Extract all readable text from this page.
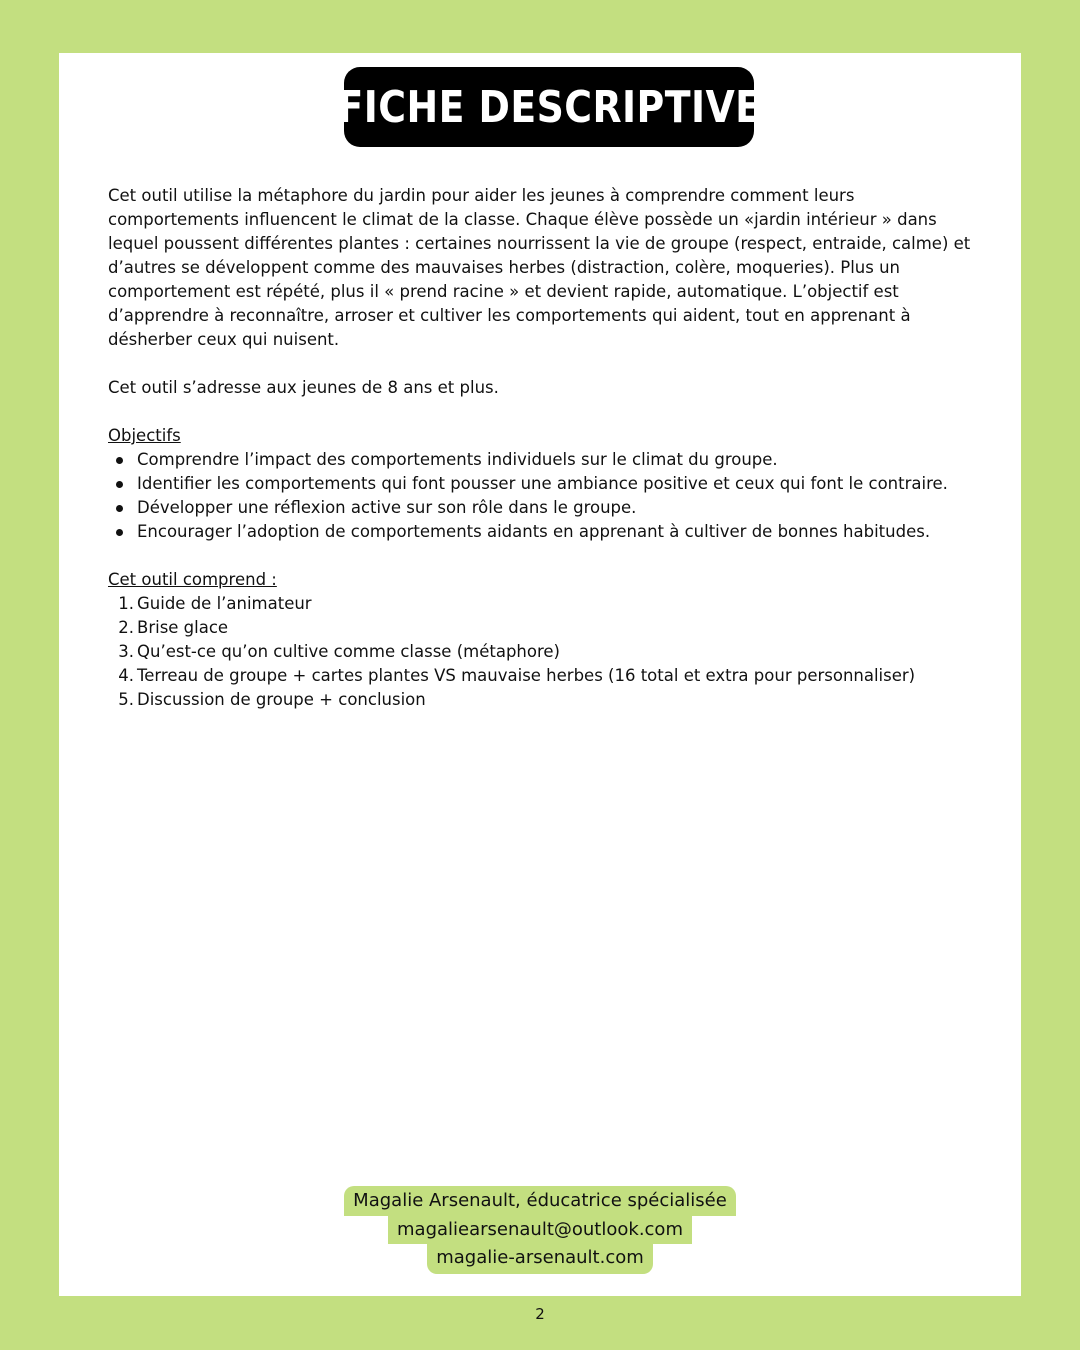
FICHE DESCRIPTIVE

Cet outil utilise la métaphore du jardin pour aider les jeunes à comprendre comment leurs comportements influencent le climat de la classe. Chaque élève possède un «jardin intérieur » dans lequel poussent différentes plantes : certaines nourrissent la vie de groupe (respect, entraide, calme) et d’autres se développent comme des mauvaises herbes (distraction, colère, moqueries). Plus un comportement est répété, plus il « prend racine » et devient rapide, automatique. L’objectif est d’apprendre à reconnaître, arroser et cultiver les comportements qui aident, tout en apprenant à désherber ceux qui nuisent.

Cet outil s’adresse aux jeunes de 8 ans et plus.

Objectifs

Comprendre l’impact des comportements individuels sur le climat du groupe.
Identifier les comportements qui font pousser une ambiance positive et ceux qui font le contraire.
Développer une réflexion active sur son rôle dans le groupe.
Encourager l’adoption de comportements aidants en apprenant à cultiver de bonnes habitudes.

Cet outil comprend :

1. Guide de l’animateur
2. Brise glace
3. Qu’est-ce qu’on cultive comme classe (métaphore)
4. Terreau de groupe + cartes plantes VS mauvaise herbes (16 total et extra pour personnaliser)
5. Discussion de groupe + conclusion
Magalie Arsenault, éducatrice spécialisée
magaliearsenault@outlook.com
magalie-arsenault.com
2
